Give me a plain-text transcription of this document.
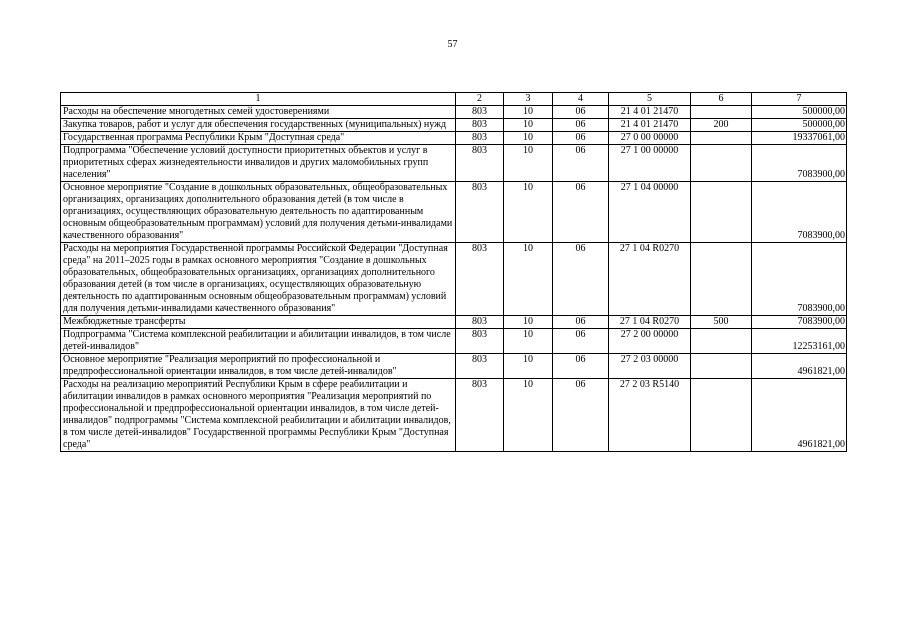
57
1	2	3	4	5	6	7
Расходы на обеспечение многодетных семей удостоверениями	803	10	06	21 4 01 21470		500000,00
Закупка товаров, работ и услуг для обеспечения государственных (муниципальных) нужд	803	10	06	21 4 01 21470	200	500000,00
Государственная программа Республики Крым "Доступная среда"	803	10	06	27 0 00 00000		19337061,00
Подпрограмма "Обеспечение условий доступности приоритетных объектов и услуг в приоритетных сферах жизнедеятельности инвалидов и других маломобильных групп населения"	803	10	06	27 1 00 00000		7083900,00
Основное мероприятие "Создание в дошкольных образовательных, общеобразовательных организациях, организациях дополнительного образования детей (в том числе в организациях, осуществляющих образовательную деятельность по адаптированным основным общеобразовательным программам) условий для получения детьми-инвалидами качественного образования"	803	10	06	27 1 04 00000		7083900,00
Расходы на мероприятия Государственной программы Российской Федерации "Доступная среда" на 2011–2025 годы в рамках основного мероприятия "Создание в дошкольных образовательных, общеобразовательных организациях, организациях дополнительного образования детей (в том числе в организациях, осуществляющих образовательную деятельность по адаптированным основным общеобразовательным программам) условий для получения детьми-инвалидами качественного образования"	803	10	06	27 1 04 R0270		7083900,00
Межбюджетные трансферты	803	10	06	27 1 04 R0270	500	7083900,00
Подпрограмма "Система комплексной реабилитации и абилитации инвалидов, в том числе детей-инвалидов"	803	10	06	27 2 00 00000		12253161,00
Основное мероприятие "Реализация мероприятий по профессиональной и предпрофессиональной ориентации инвалидов, в том числе детей-инвалидов"	803	10	06	27 2 03 00000		4961821,00
Расходы на реализацию мероприятий Республики Крым в сфере реабилитации и абилитации инвалидов в рамках основного мероприятия "Реализация мероприятий по профессиональной и предпрофессиональной ориентации инвалидов, в том числе детей-инвалидов" подпрограммы "Система комплексной реабилитации и абилитации инвалидов, в том числе детей-инвалидов" Государственной программы Республики Крым "Доступная среда"	803	10	06	27 2 03 R5140		4961821,00
